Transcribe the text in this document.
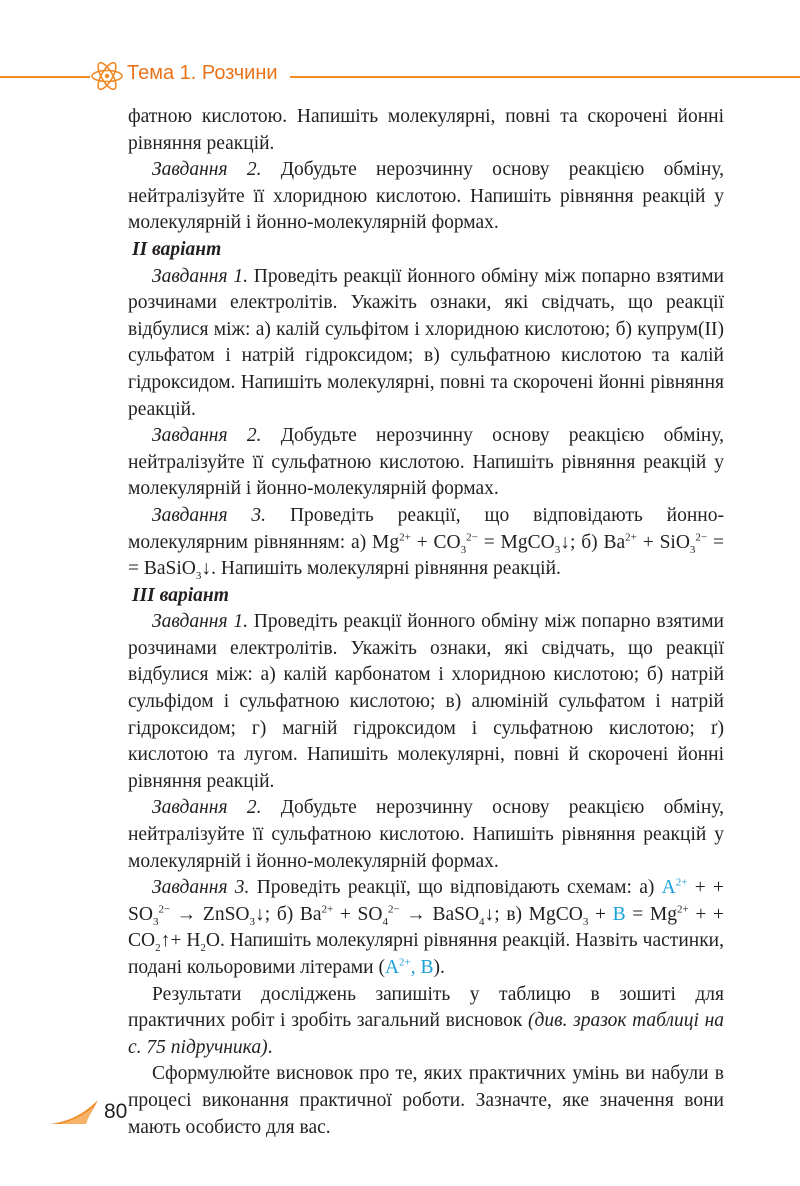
Тема 1. Розчини

фатною кислотою. Напишіть молекулярні, повні та скорочені йонні рівняння реакцій.

Завдання 2. Добудьте нерозчинну основу реакцією обміну, нейтралізуйте її хлоридною кислотою. Напишіть рівняння реакцій у молекулярній і йонно-молекулярній формах.

ІІ варіант

Завдання 1. Проведіть реакції йонного обміну між попарно взятими розчинами електролітів. Укажіть ознаки, які свідчать, що реакції відбулися між: а) калій сульфітом і хлоридною кислотою; б) купрум(ІІ) сульфатом і натрій гідроксидом; в) сульфатною кислотою та калій гідроксидом. Напишіть молекулярні, повні та скорочені йонні рівняння реакцій.

Завдання 2. Добудьте нерозчинну основу реакцією обміну, нейтралізуйте її сульфатною кислотою. Напишіть рівняння реакцій у молекулярній і йонно-молекулярній формах.

Завдання 3. Проведіть реакції, що відповідають йонно-молекулярним рівнянням: а) $Mg^{2+} + CO_3^{2-}$ = MgCO$_3$↓; б) $Ba^{2+} + SiO_3^{2-}$ = = BaSiO$_3$↓. Напишіть молекулярні рівняння реакцій.

ІІІ варіант

Завдання 1. Проведіть реакції йонного обміну між попарно взятими розчинами електролітів. Укажіть ознаки, які свідчать, що реакції відбулися між: а) калій карбонатом і хлоридною кислотою; б) натрій сульфідом і сульфатною кислотою; в) алюміній сульфатом і натрій гідроксидом; г) магній гідроксидом і сульфатною кислотою; ґ) кислотою та лугом. Напишіть молекулярні, повні й скорочені йонні рівняння реакцій.

Завдання 2. Добудьте нерозчинну основу реакцією обміну, нейтралізуйте її сульфатною кислотою. Напишіть рівняння реакцій у молекулярній і йонно-молекулярній формах.

Завдання 3. Проведіть реакції, що відповідають схемам: а) $A^{2+}$ + + $SO_3^{2-}$ → ZnSO$_3$↓; б) $Ba^{2+} + SO_4^{2-}$ → BaSO$_4$↓; в) MgCO$_3$ + $B = Mg^{2+}$ + + $CO_2↑+ H_2O$. Напишіть молекулярні рівняння реакцій. Назвіть частинки, подані кольоровими літерами ($A^{2+}$, B).

Результати досліджень запишіть у таблицю в зошиті для практичних робіт і зробіть загальний висновок (див. зразок таблиці на с. 75 підручника).

Сформулюйте висновок про те, яких практичних умінь ви набули в процесі виконання практичної роботи. Зазначте, яке значення вони мають особисто для вас.

80
